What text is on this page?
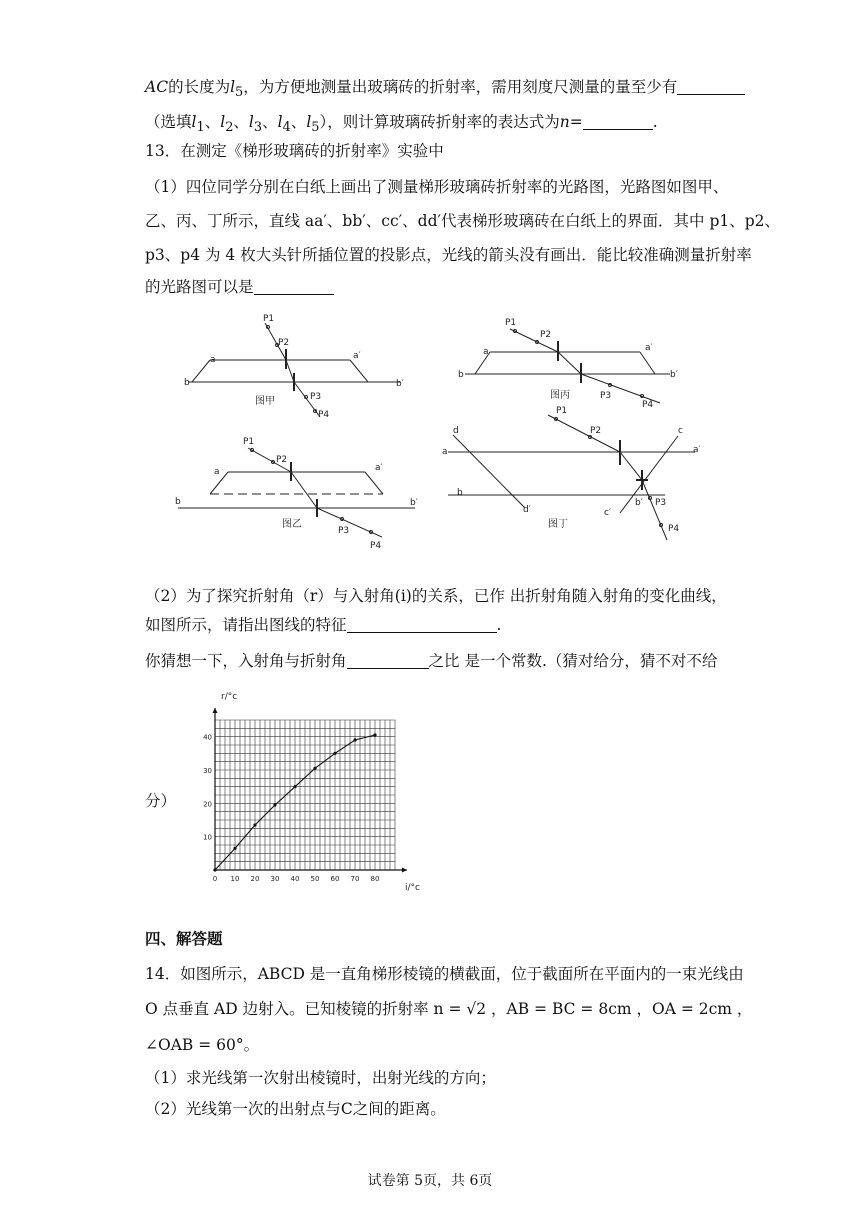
AC的长度为$l_5$，为方便地测量出玻璃砖的折射率，需用刻度尺测量的量至少有
（选填$l_1$、$l_2$、$l_3$、$l_4$、$l_5$），则计算玻璃砖折射率的表达式为n=	.
13．在测定《梯形玻璃砖的折射率》实验中
（1）四位同学分别在白纸上画出了测量梯形玻璃砖折射率的光路图，光路图如图甲、
乙、丙、丁所示，直线 aa′、bb′、cc′、dd′代表梯形玻璃砖在白纸上的界面．其中 p1、p2、
p3、p4 为 4 枚大头针所插位置的投影点，光线的箭头没有画出．能比较准确测量折射率
的光路图可以是
a	a′
b	b′
P1
P2
P3
P4
图甲
a	a′
b	b′
P1
P2
P3
P4
图丙
a	a′
b	b′
P1
P2
P3
P4
图乙
a	a′
d	c
b
b′
d′	c′
P1
P2
P3
P4
图丁
（2）为了探究折射角（r）与入射角(i)的关系，已作 出折射角随入射角的变化曲线，
如图所示，请指出图线的特征	.
你猜想一下，入射角与折射角	之比 是一个常数.（猜对给分，猜不对不给
分）
0 10 20 30 40 50 60 70 80
10
20
30
40
r/°c
i/°c
四、解答题
14．如图所示，ABCD 是一直角梯形棱镜的横截面，位于截面所在平面内的一束光线由
O 点垂直 AD 边射入。已知棱镜的折射率 n = √2 ，AB = BC = 8cm ，OA = 2cm ，
∠OAB = 60°。
（1）求光线第一次射出棱镜时，出射光线的方向；
（2）光线第一次的出射点与C之间的距离。
试卷第 5页，共 6页
